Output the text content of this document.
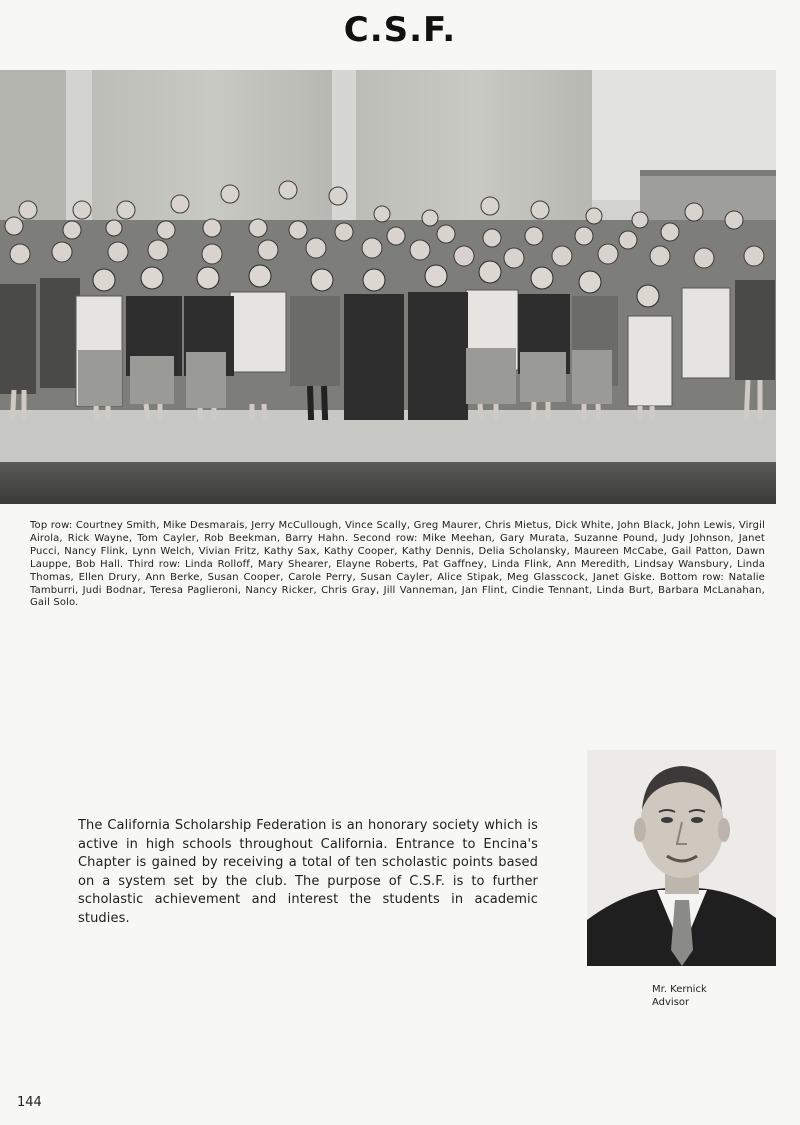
C.S.F.
Top row: Courtney Smith, Mike Desmarais, Jerry McCullough, Vince Scally, Greg Maurer, Chris Mietus, Dick White, John Black, John Lewis, Virgil Airola, Rick Wayne, Tom Cayler, Rob Beekman, Barry Hahn. Second row: Mike Meehan, Gary Murata, Suzanne Pound, Judy Johnson, Janet Pucci, Nancy Flink, Lynn Welch, Vivian Fritz, Kathy Sax, Kathy Cooper, Kathy Dennis, Delia Scholansky, Maureen McCabe, Gail Patton, Dawn Lauppe, Bob Hall. Third row: Linda Rolloff, Mary Shearer, Elayne Roberts, Pat Gaffney, Linda Flink, Ann Meredith, Lindsay Wansbury, Linda Thomas, Ellen Drury, Ann Berke, Susan Cooper, Carole Perry, Susan Cayler, Alice Stipak, Meg Glasscock, Janet Giske. Bottom row: Natalie Tamburri, Judi Bodnar, Teresa Paglieroni, Nancy Ricker, Chris Gray, Jill Vanneman, Jan Flint, Cindie Tennant, Linda Burt, Barbara McLanahan, Gail Solo.
The California Scholarship Federation is an honorary society which is active in high schools throughout California. Entrance to Encina's Chapter is gained by receiving a total of ten scholastic points based on a system set by the club. The purpose of C.S.F. is to further scholastic achievement and interest the students in academic studies.
Mr. Kernick
Advisor
144
